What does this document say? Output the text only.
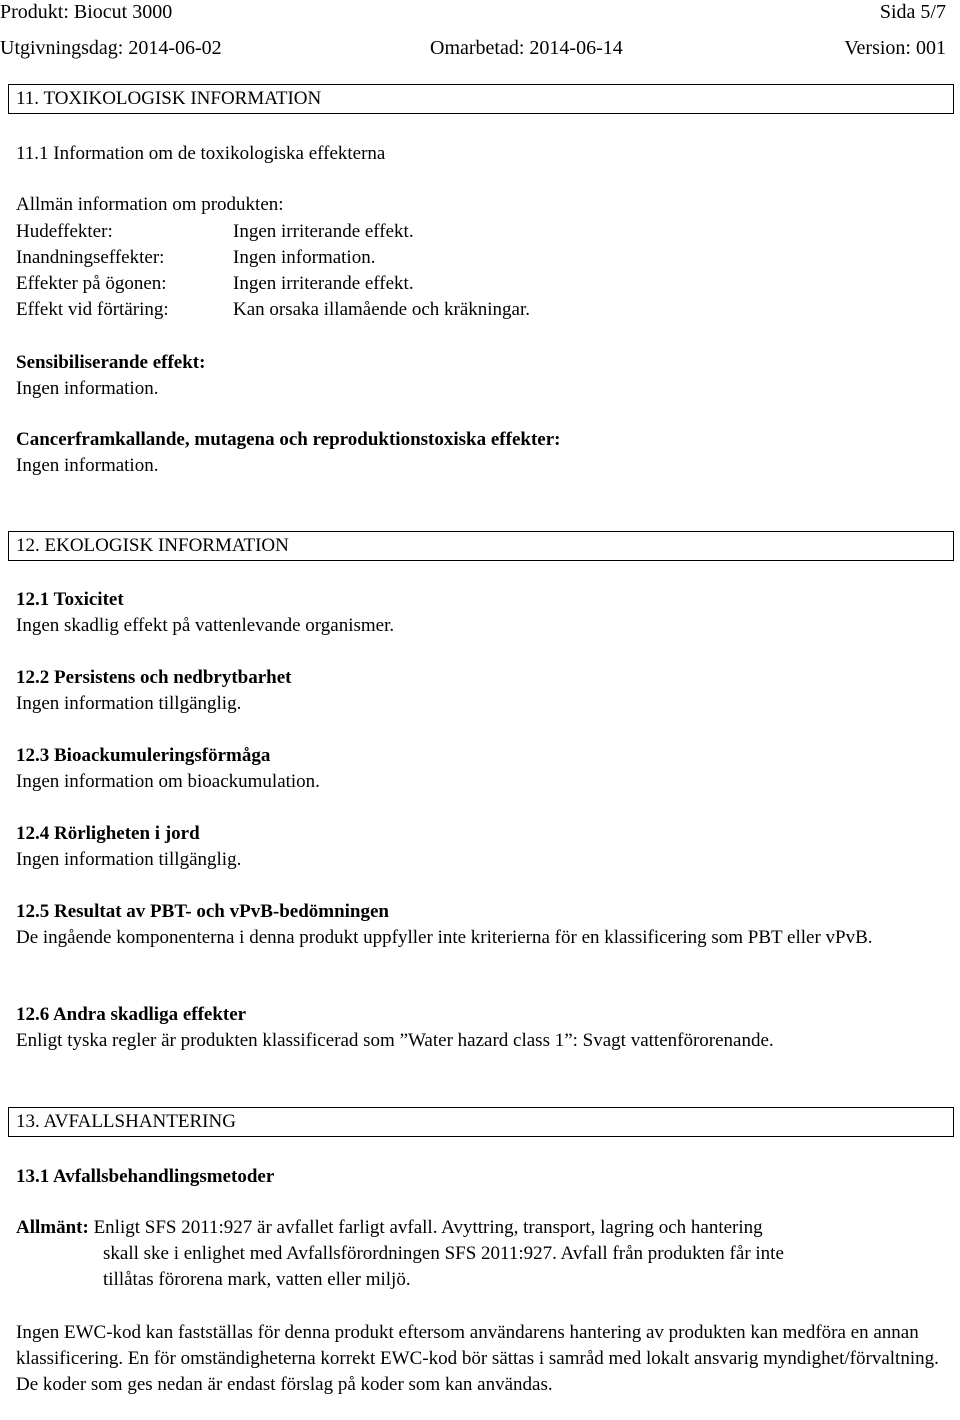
Produkt: Biocut 3000	Sida 5/7
Utgivningsdag: 2014-06-02	Omarbetad: 2014-06-14	Version: 001
11. TOXIKOLOGISK INFORMATION
11.1 Information om de toxikologiska effekterna
Allmän information om produkten:
Hudeffekter:	Ingen irriterande effekt.
Inandningseffekter:	Ingen information.
Effekter på ögonen:	Ingen irriterande effekt.
Effekt vid förtäring:	Kan orsaka illamående och kräkningar.
Sensibiliserande effekt:
Ingen information.
Cancerframkallande, mutagena och reproduktionstoxiska effekter:
Ingen information.
12. EKOLOGISK INFORMATION
12.1 Toxicitet
Ingen skadlig effekt på vattenlevande organismer.
12.2 Persistens och nedbrytbarhet
Ingen information tillgänglig.
12.3 Bioackumuleringsförmåga
Ingen information om bioackumulation.
12.4 Rörligheten i jord
Ingen information tillgänglig.
12.5 Resultat av PBT- och vPvB-bedömningen
De ingående komponenterna i denna produkt uppfyller inte kriterierna för en klassificering som PBT eller vPvB.
12.6 Andra skadliga effekter
Enligt tyska regler är produkten klassificerad som ”Water hazard class 1”: Svagt vattenförorenande.
13. AVFALLSHANTERING
13.1 Avfallsbehandlingsmetoder
Allmänt: Enligt SFS 2011:927 är avfallet farligt avfall. Avyttring, transport, lagring och hantering
skall ske i enlighet med Avfallsförordningen SFS 2011:927. Avfall från produkten får inte
tillåtas förorena mark, vatten eller miljö.
Ingen EWC-kod kan fastställas för denna produkt eftersom användarens hantering av produkten kan medföra en annan klassificering. En för omständigheterna korrekt EWC-kod bör sättas i samråd med lokalt ansvarig myndighet/förvaltning. De koder som ges nedan är endast förslag på koder som kan användas.
